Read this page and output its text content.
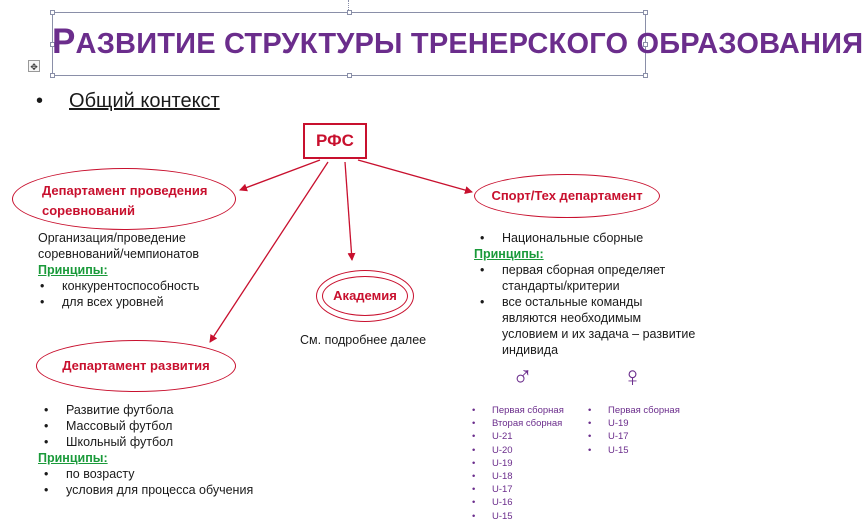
РАЗВИТИЕ СТРУКТУРЫ ТРЕНЕРСКОГО ОБРАЗОВАНИЯ
✥
• Общий контекст
РФС
Департамент проведения соревнований
Спорт/Тех департамент
Академия
См. подробнее далее
Департамент развития
Организация/проведение
соревнований/чемпионатов
Принципы:
• конкурентоспособность
• для всех уровней
• Национальные сборные
Принципы:
• первая сборная определяет
стандарты/критерии
• все остальные команды
являются необходимым
условием и их задача – развитие
индивида
• Развитие футбола
• Массовый футбол
• Школьный футбол
Принципы:
• по возрасту
• условия для процесса обучения
♂	♀
• Первая сборная
• Вторая сборная
• U-21
• U-20
• U-19
• U-18
• U-17
• U-16
• U-15
• Первая сборная
• U-19
• U-17
• U-15
